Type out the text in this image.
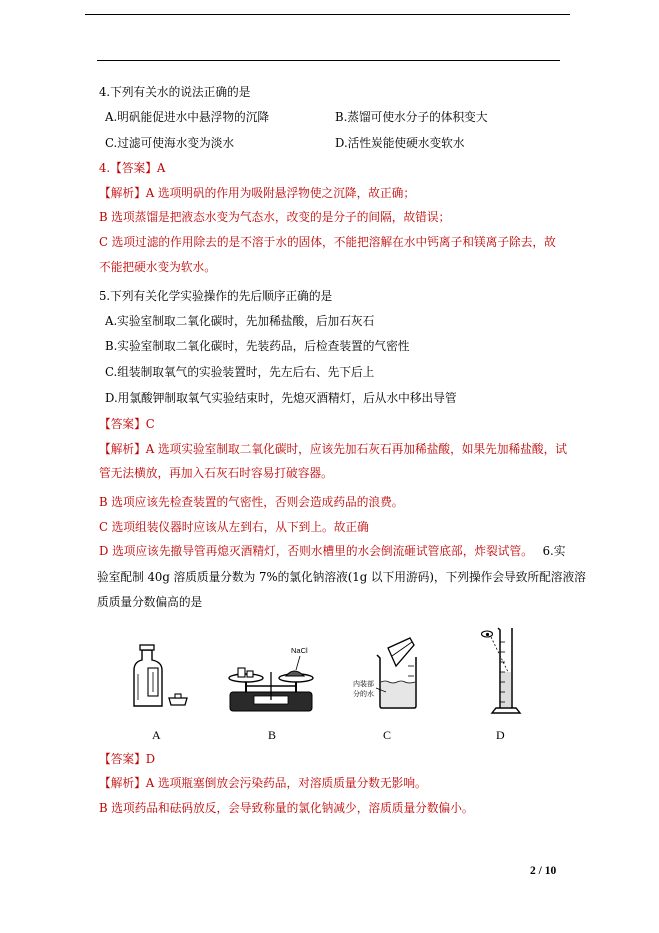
4.下列有关水的说法正确的是
A.明矾能促进水中悬浮物的沉降	B.蒸馏可使水分子的体积变大
C.过滤可使海水变为淡水	D.活性炭能使硬水变软水
4.【答案】A
【解析】A 选项明矾的作用为吸附悬浮物使之沉降，故正确；
B 选项蒸馏是把液态水变为气态水，改变的是分子的间隔，故错误；
C 选项过滤的作用除去的是不溶于水的固体，不能把溶解在水中钙离子和镁离子除去，故
不能把硬水变为软水。
5.下列有关化学实验操作的先后顺序正确的是
A.实验室制取二氧化碳时，先加稀盐酸，后加石灰石
B.实验室制取二氧化碳时，先装药品，后检查装置的气密性
C.组装制取氧气的实验装置时，先左后右、先下后上
D.用氯酸钾制取氧气实验结束时，先熄灭酒精灯，后从水中移出导管
【答案】C
【解析】A 选项实验室制取二氧化碳时，应该先加石灰石再加稀盐酸，如果先加稀盐酸，试
管无法横放，再加入石灰石时容易打破容器。
B 选项应该先检查装置的气密性，否则会造成药品的浪费。
C 选项组装仪器时应该从左到右，从下到上。故正确
D 选项应该先撤导管再熄灭酒精灯，否则水槽里的水会倒流砸试管底部，炸裂试管。 6.实
验室配制 40g 溶质质量分数为 7%的氯化钠溶液(1g 以下用游码)，下列操作会导致所配溶液溶
质质量分数偏高的是
NaCl
内装部
分的水
A	B	C	D
【答案】D
【解析】A 选项瓶塞倒放会污染药品，对溶质质量分数无影响。
B 选项药品和砝码放反，会导致称量的氯化钠减少，溶质质量分数偏小。
2 / 10
